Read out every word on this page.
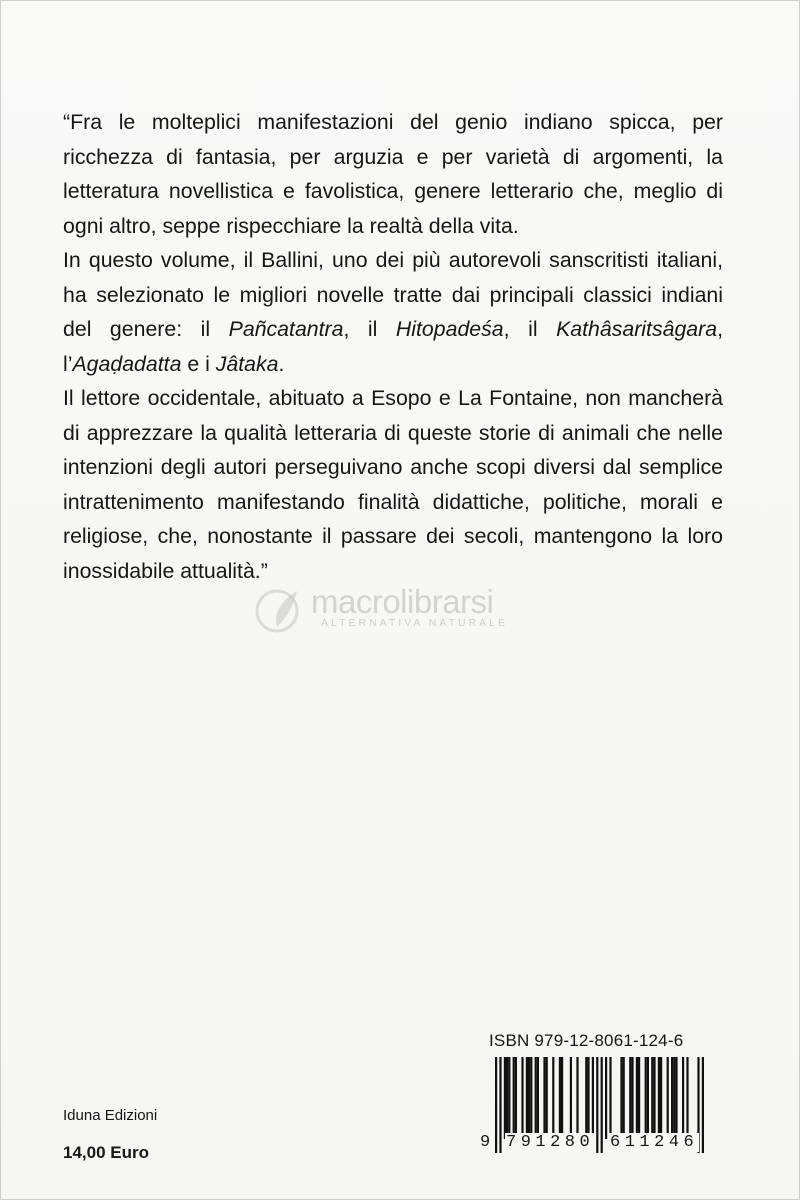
“Fra le molteplici manifestazioni del genio indiano spicca, per ricchezza di fantasia, per arguzia e per varietà di argomenti, la letteratura novellistica e favolistica, genere letterario che, meglio di ogni altro, seppe rispecchiare la realtà della vita.

In questo volume, il Ballini, uno dei più autorevoli sanscritisti italiani, ha selezionato le migliori novelle tratte dai principali classici indiani del genere: il Pañcatantra, il Hitopadeśa, il Kathâsaritsâgara, l’Agaḍadatta e i Jâtaka.

Il lettore occidentale, abituato a Esopo e La Fontaine, non mancherà di apprezzare la qualità letteraria di queste storie di animali che nelle intenzioni degli autori perseguivano anche scopi diversi dal semplice intrattenimento manifestando finalità didattiche, politiche, morali e religiose, che, nonostante il passare dei secoli, mantengono la loro inossidabile attualità.”

macrolibrarsi
ALTERNATIVA NATURALE
ISBN 979-12-8061-124-6
9 791280 611246
Iduna Edizioni
14,00 Euro
